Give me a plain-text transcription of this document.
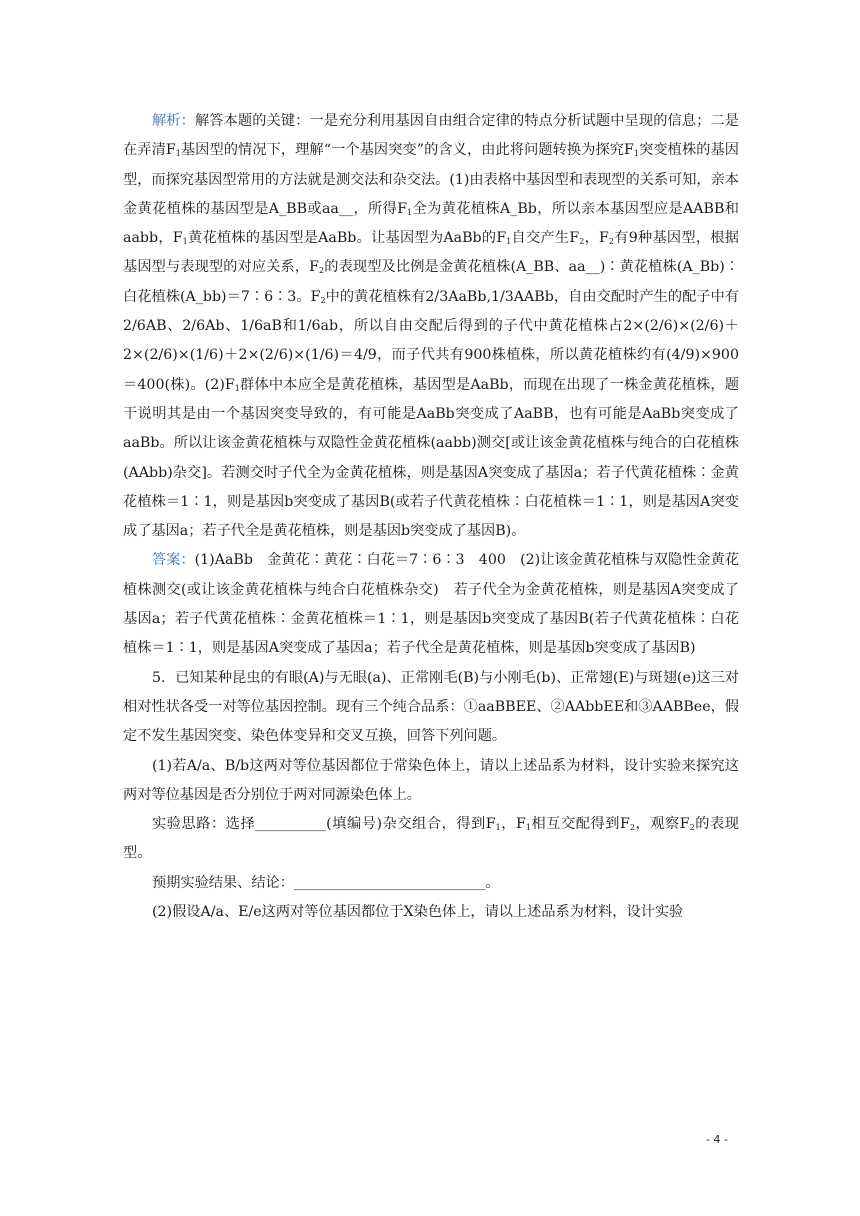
解析：解答本题的关键：一是充分利用基因自由组合定律的特点分析试题中呈现的信息；二是在弄清$F_1$基因型的情况下，理解“一个基因突变”的含义，由此将问题转换为探究$F_1$突变植株的基因型，而探究基因型常用的方法就是测交法和杂交法。(1)由表格中基因型和表现型的关系可知，亲本金黄花植株的基因型是A_BB或aa__，所得$F_1$全为黄花植株A_Bb，所以亲本基因型应是AABB和aabb，$F_1$黄花植株的基因型是AaBb。让基因型为AaBb的$F_1$自交产生$F_2$，$F_2$有9种基因型，根据基因型与表现型的对应关系，$F_2$的表现型及比例是金黄花植株(A_BB、aa__)∶黄花植株(A_Bb)∶白花植株(A_bb)＝7∶6∶3。$F_2$中的黄花植株有2/3AaBb,1/3AABb，自由交配时产生的配子中有2/6AB、2/6Ab、1/6aB和1/6ab，所以自由交配后得到的子代中黄花植株占2×(2/6)×(2/6)＋2×(2/6)×(1/6)＋2×(2/6)×(1/6)＝4/9，而子代共有900株植株，所以黄花植株约有(4/9)×900＝400(株)。$(2)F_1$群体中本应全是黄花植株，基因型是AaBb，而现在出现了一株金黄花植株，题干说明其是由一个基因突变导致的，有可能是AaBb突变成了AaBB，也有可能是AaBb突变成了aaBb。所以让该金黄花植株与双隐性金黄花植株(aabb)测交[或让该金黄花植株与纯合的白花植株(AAbb)杂交]。若测交时子代全为金黄花植株，则是基因A突变成了基因a；若子代黄花植株∶金黄花植株＝1∶1，则是基因b突变成了基因B(或若子代黄花植株∶白花植株＝1∶1，则是基因A突变成了基因a；若子代全是黄花植株，则是基因b突变成了基因B)。

答案：(1)AaBb　金黄花∶黄花∶白花＝7∶6∶3　400　(2)让该金黄花植株与双隐性金黄花植株测交(或让该金黄花植株与纯合白花植株杂交)　若子代全为金黄花植株，则是基因A突变成了基因a；若子代黄花植株∶金黄花植株＝1∶1，则是基因b突变成了基因B(若子代黄花植株∶白花植株＝1∶1，则是基因A突变成了基因a；若子代全是黄花植株，则是基因b突变成了基因B)

5．已知某种昆虫的有眼(A)与无眼(a)、正常刚毛(B)与小刚毛(b)、正常翅(E)与斑翅(e)这三对相对性状各受一对等位基因控制。现有三个纯合品系：①aaBBEE、②AAbbEE和③AABBee，假定不发生基因突变、染色体变异和交叉互换，回答下列问题。

(1)若A/a、B/b这两对等位基因都位于常染色体上，请以上述品系为材料，设计实验来探究这两对等位基因是否分别位于两对同源染色体上。

实验思路：选择__________(填编号)杂交组合，得到$F_1$，$F_1$相互交配得到$F_2$，观察$F_2$的表现型。

预期实验结果、结论：___________________________。

(2)假设A/a、E/e这两对等位基因都位于X染色体上，请以上述品系为材料，设计实验

- 4 -
